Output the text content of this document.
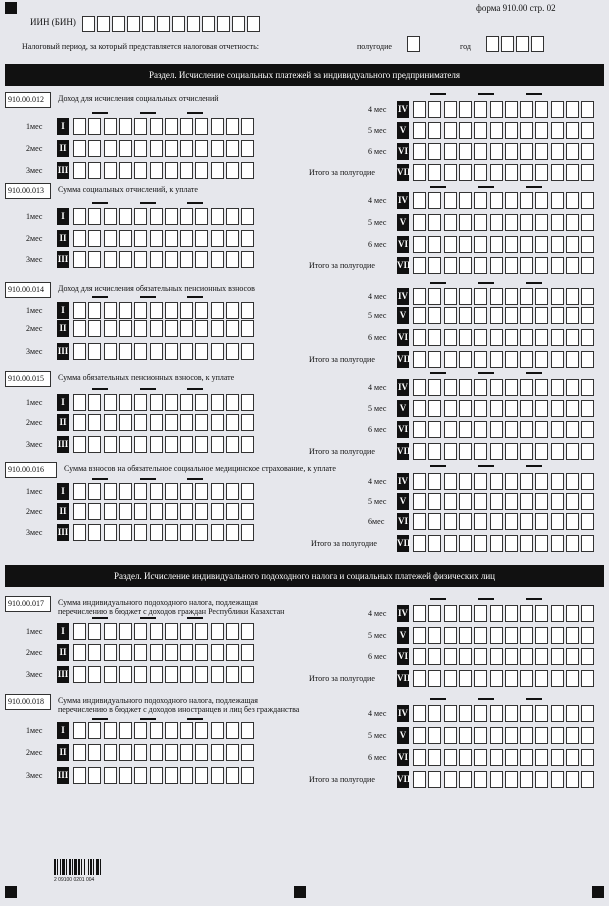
форма 910.00 стр. 02
ИИН (БИН)
Налоговый период, за который представляется налоговая отчетность:	полугодие	год
Раздел. Исчисление социальных платежей за индивидуального предпринимателя
Раздел. Исчисление индивидуального подоходного налога и социальных платежей физических лиц
910.00.012	Доход для исчисления социальных отчислений
1мес	I
2мес II
3мес III
4 мес IV
5 мес	V
6 мес VI
Итого за полугодие VII
910.00.013	Сумма социальных отчислений, к уплате
1мес	I
2мес II
3мес III
4 мес IV
5 мес	V
6 мес VI
Итого за полугодие VII
910.00.014	Доход для исчисления обязательных пенсионных взносов
1мес	I
2мес II
3мес III
4 мес IV
5 мес	V
6 мес VI
Итого за полугодие VII
910.00.015	Сумма обязательных пенсионных взносов, к уплате
1мес	I
2мес II
3мес III
4 мес IV
5 мес	V
6 мес VI
Итого за полугодие VII
910.00.016	Сумма взносов на обязательное социальное медицинское страхование, к уплате
1мес	I
2мес II
3мес III
4 мес IV
5 мес	V
6мес VI
Итого за полугодие VII
910.00.017	Сумма индивидуального подоходного налога, подлежащая
перечислению в бюджет с доходов граждан Республики Казахстан
1мес	I
2мес II
3мес III
4 мес IV
5 мес	V
6 мес VI
Итого за полугодие VII
910.00.018	Сумма индивидуального подоходного налога, подлежащая
перечислению в бюджет с доходов иностранцев и лиц без гражданства
1мес	I
2мес II
3мес III
4 мес IV
5 мес	V
6 мес VI
Итого за полугодие VII
2 09100 0201 004
